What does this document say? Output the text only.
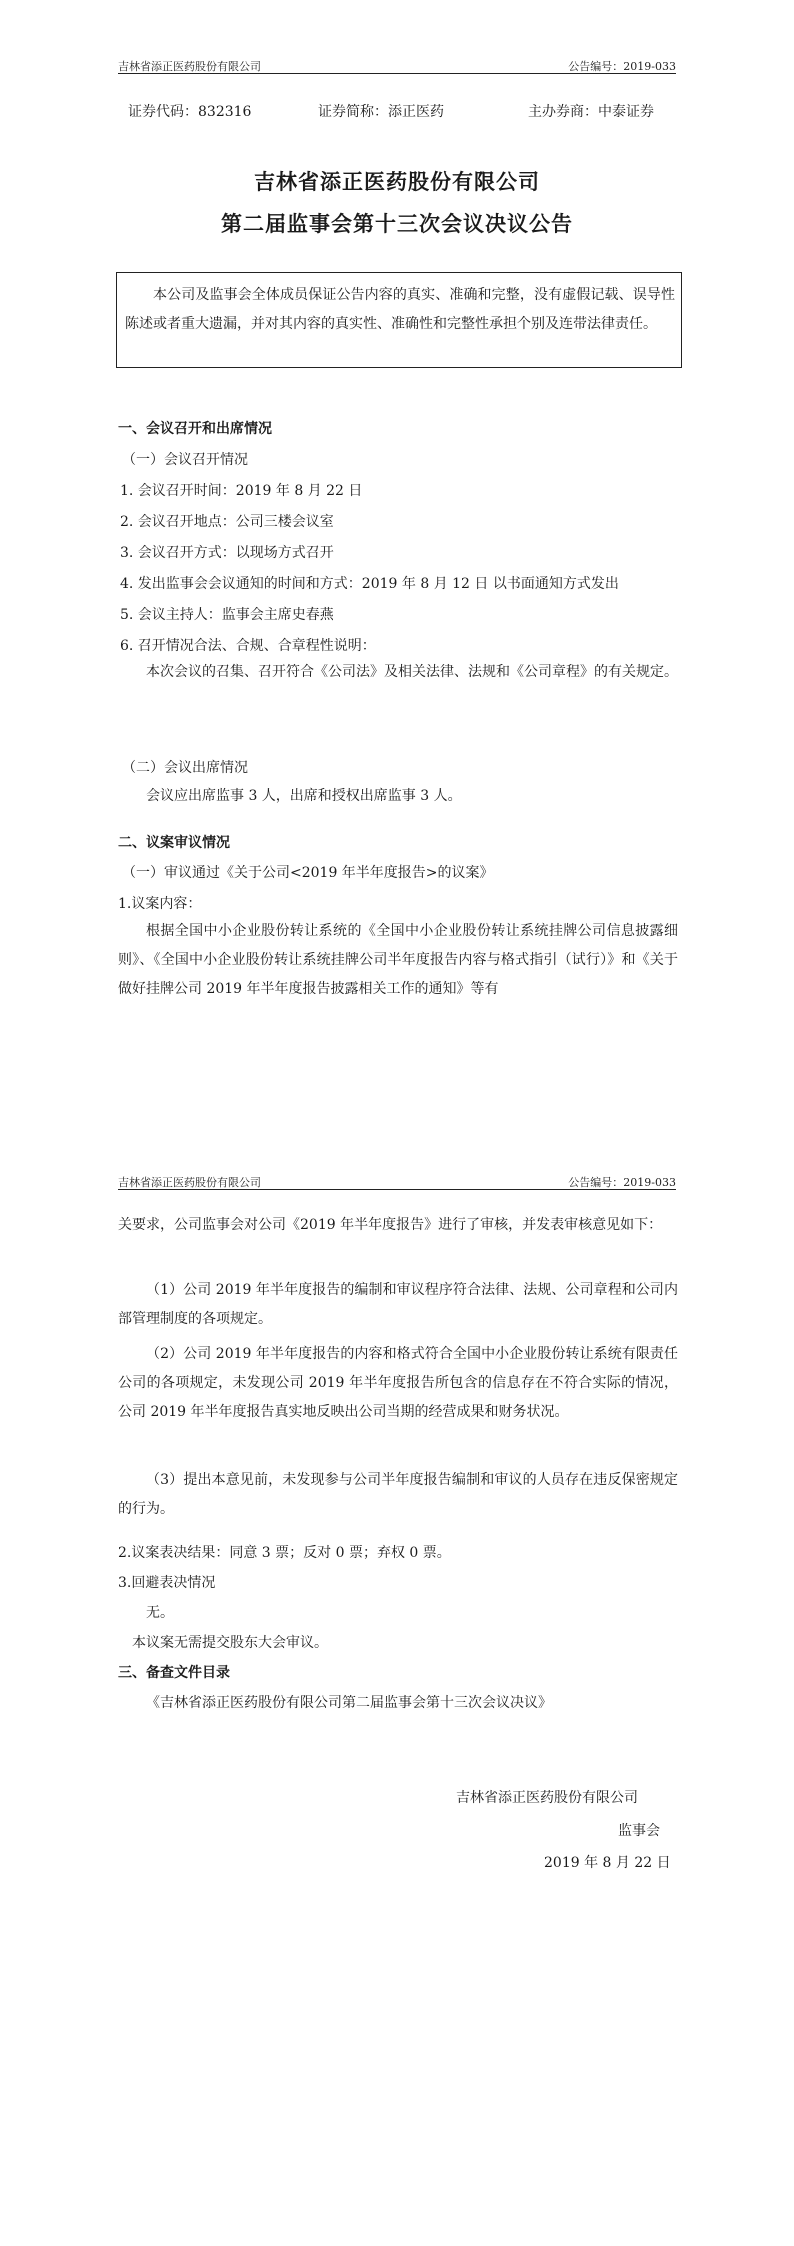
吉林省添正医药股份有限公司	公告编号：2019-033
证券代码：832316	证券简称：添正医药	主办券商：中泰证券
吉林省添正医药股份有限公司
第二届监事会第十三次会议决议公告

本公司及监事会全体成员保证公告内容的真实、准确和完整，没有虚假记载、误导性陈述或者重大遗漏，并对其内容的真实性、准确性和完整性承担个别及连带法律责任。

一、会议召开和出席情况
（一）会议召开情况
1. 会议召开时间：2019 年 8 月 22 日
2. 会议召开地点：公司三楼会议室
3. 会议召开方式：以现场方式召开
4. 发出监事会会议通知的时间和方式：2019 年 8 月 12 日 以书面通知方式发出
5. 会议主持人：监事会主席史春燕
6. 召开情况合法、合规、合章程性说明：

本次会议的召集、召开符合《公司法》及相关法律、法规和《公司章程》的有关规定。

（二）会议出席情况

会议应出席监事 3 人，出席和授权出席监事 3 人。

二、议案审议情况
（一）审议通过《关于公司<2019 年半年度报告>的议案》
1.议案内容：

根据全国中小企业股份转让系统的《全国中小企业股份转让系统挂牌公司信息披露细则》、《全国中小企业股份转让系统挂牌公司半年度报告内容与格式指引（试行）》和《关于做好挂牌公司 2019 年半年度报告披露相关工作的通知》等有

吉林省添正医药股份有限公司	公告编号：2019-033

关要求，公司监事会对公司《2019 年半年度报告》进行了审核，并发表审核意见如下：

（1）公司 2019 年半年度报告的编制和审议程序符合法律、法规、公司章程和公司内部管理制度的各项规定。

（2）公司 2019 年半年度报告的内容和格式符合全国中小企业股份转让系统有限责任公司的各项规定，未发现公司 2019 年半年度报告所包含的信息存在不符合实际的情况，公司 2019 年半年度报告真实地反映出公司当期的经营成果和财务状况。

（3）提出本意见前，未发现参与公司半年度报告编制和审议的人员存在违反保密规定的行为。

2.议案表决结果：同意 3 票；反对 0 票；弃权 0 票。
3.回避表决情况
无。
本议案无需提交股东大会审议。
三、备查文件目录
《吉林省添正医药股份有限公司第二届监事会第十三次会议决议》
吉林省添正医药股份有限公司
监事会
2019 年 8 月 22 日
